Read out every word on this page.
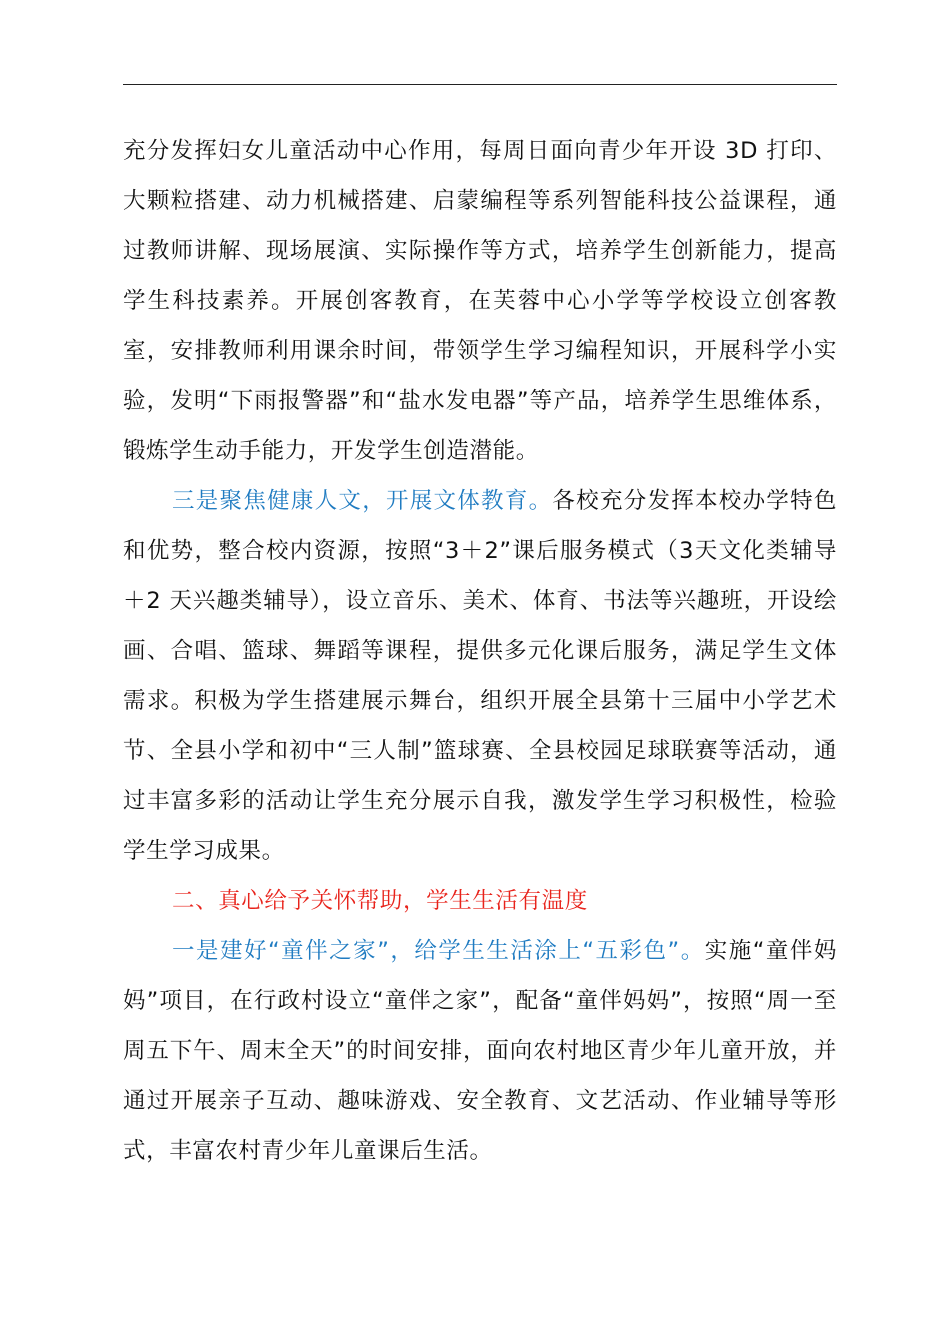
充分发挥妇女儿童活动中心作用，每周日面向青少年开设 3D 打印、大颗粒搭建、动力机械搭建、启蒙编程等系列智能科技公益课程，通过教师讲解、现场展演、实际操作等方式，培养学生创新能力，提高学生科技素养。开展创客教育，在芙蓉中心小学等学校设立创客教室，安排教师利用课余时间，带领学生学习编程知识，开展科学小实验，发明“下雨报警器”和“盐水发电器”等产品，培养学生思维体系，锻炼学生动手能力，开发学生创造潜能。

三是聚焦健康人文，开展文体教育。各校充分发挥本校办学特色和优势，整合校内资源，按照“3＋2”课后服务模式（3天文化类辅导＋2 天兴趣类辅导），设立音乐、美术、体育、书法等兴趣班，开设绘画、合唱、篮球、舞蹈等课程，提供多元化课后服务，满足学生文体需求。积极为学生搭建展示舞台，组织开展全县第十三届中小学艺术节、全县小学和初中“三人制”篮球赛、全县校园足球联赛等活动，通过丰富多彩的活动让学生充分展示自我，激发学生学习积极性，检验学生学习成果。

二、真心给予关怀帮助，学生生活有温度

一是建好“童伴之家”，给学生生活涂上“五彩色”。实施“童伴妈妈”项目，在行政村设立“童伴之家”，配备“童伴妈妈”，按照“周一至周五下午、周末全天”的时间安排，面向农村地区青少年儿童开放，并通过开展亲子互动、趣味游戏、安全教育、文艺活动、作业辅导等形式，丰富农村青少年儿童课后生活。
